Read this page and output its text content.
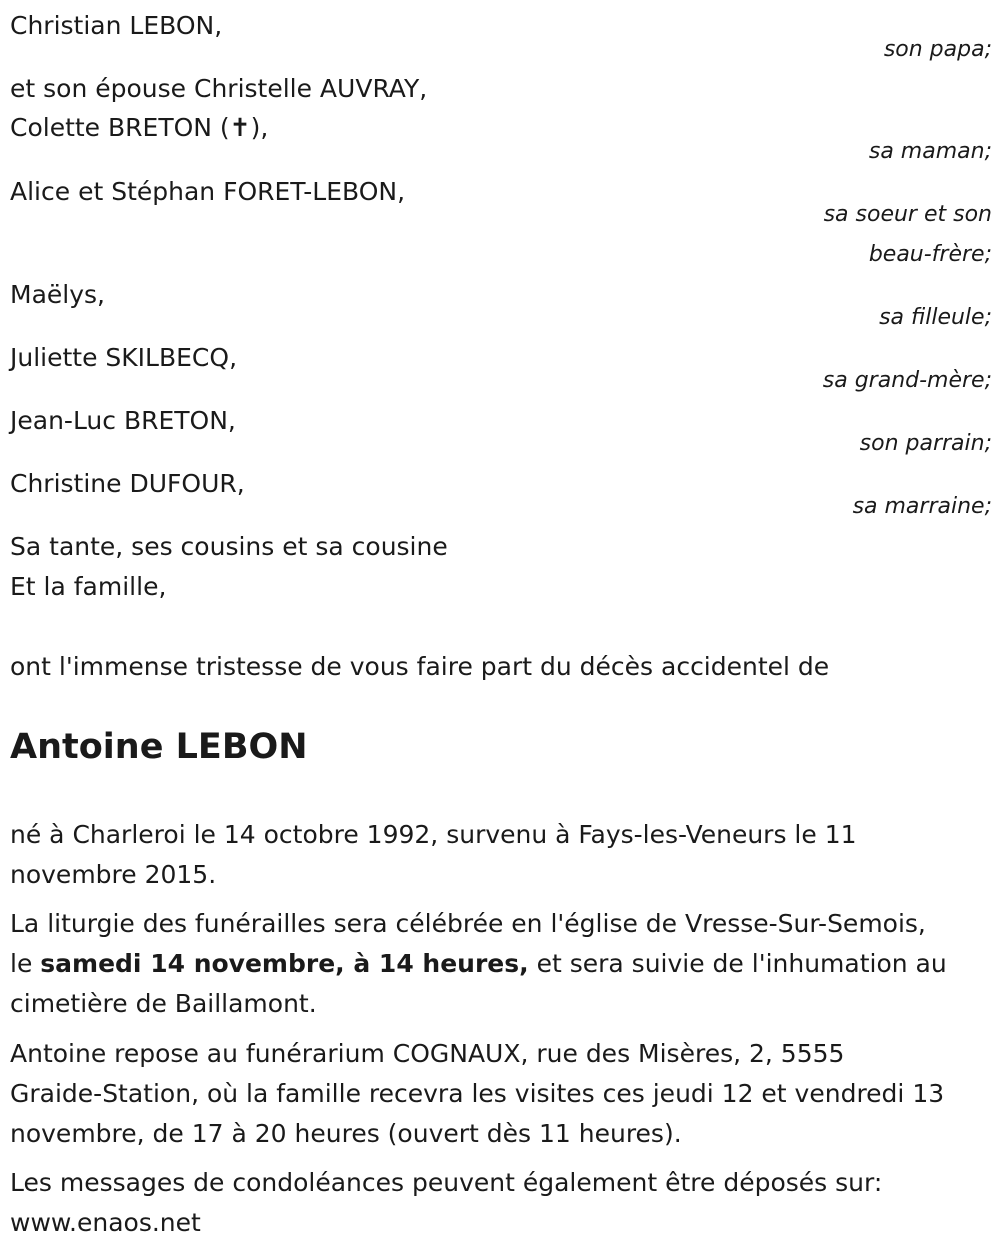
Christian LEBON,
son papa;
et son épouse Christelle AUVRAY,
Colette BRETON (✝),
sa maman;
Alice et Stéphan FORET-LEBON,
sa soeur et son
beau-frère;
Maëlys,
sa filleule;
Juliette SKILBECQ,
sa grand-mère;
Jean-Luc BRETON,
son parrain;
Christine DUFOUR,
sa marraine;
Sa tante, ses cousins et sa cousine
Et la famille,
ont l'immense tristesse de vous faire part du décès accidentel de
Antoine LEBON
né à Charleroi le 14 octobre 1992, survenu à Fays-les-Veneurs le 11
novembre 2015.
La liturgie des funérailles sera célébrée en l'église de Vresse-Sur-Semois,
le samedi 14 novembre, à 14 heures, et sera suivie de l'inhumation au
cimetière de Baillamont.
Antoine repose au funérarium COGNAUX, rue des Misères, 2, 5555
Graide-Station, où la famille recevra les visites ces jeudi 12 et vendredi 13
novembre, de 17 à 20 heures (ouvert dès 11 heures).
Les messages de condoléances peuvent également être déposés sur:
www.enaos.net
